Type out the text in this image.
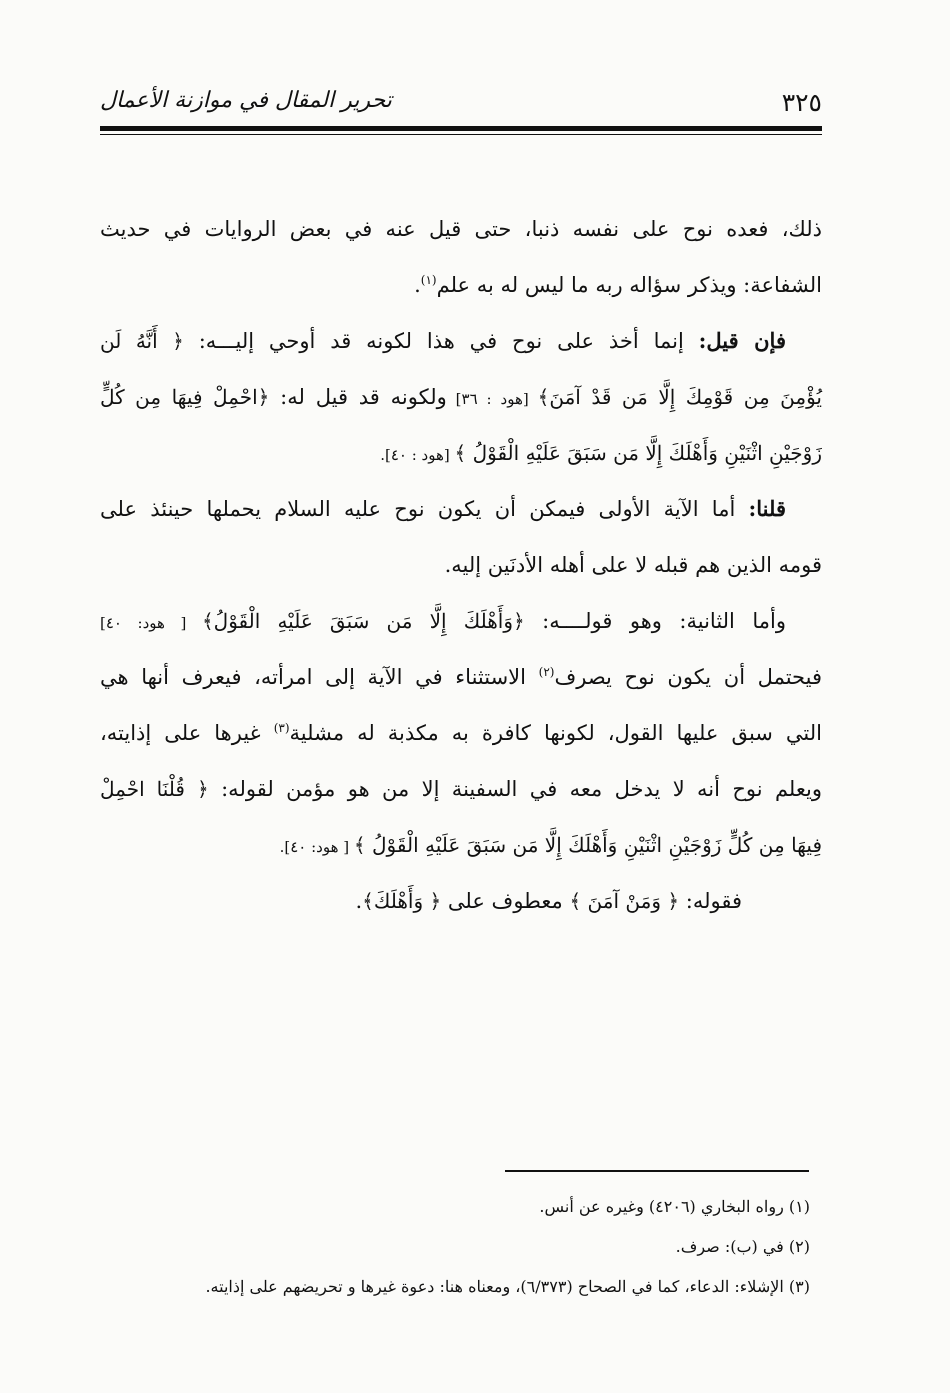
٣٢٥
تحرير المقال في موازنة الأعمال
ذلك، فعده نوح على نفسه ذنبا، حتى قيل عنه في بعض الروايات في حديث
الشفاعة: ويذكر سؤاله ربه ما ليس له به علم$^{(١)}$.
فإن قيل: إنما أخذ على نوح في هذا لكونه قد أوحي إليـــه: ﴿ أَنَّهُ لَن
يُؤْمِنَ مِن قَوْمِكَ إِلَّا مَن قَدْ آمَنَ﴾ [هود : ٣٦] ولكونه قد قيل له: ﴿احْمِلْ فِيهَا مِن كُلٍّ
زَوْجَيْنِ اثْنَيْنِ وَأَهْلَكَ إِلَّا مَن سَبَقَ عَلَيْهِ الْقَوْلُ ﴾ [هود : ٤٠].
قلنا: أما الآية الأولى فيمكن أن يكون نوح عليه السلام يحملها حينئذ على
قومه الذين هم قبله لا على أهله الأدنَين إليه.
وأما الثانية: وهو قولــــه: ﴿وَأَهْلَكَ إِلَّا مَن سَبَقَ عَلَيْهِ الْقَوْلُ﴾ [ هود: ٤٠]
فيحتمل أن يكون نوح يصرف$^{(٢)}$ الاستثناء في الآية إلى امرأته، فيعرف أنها هي
التي سبق عليها القول، لكونها كافرة به مكذبة له مشلية$^{(٣)}$ غيرها على إذايته،
ويعلم نوح أنه لا يدخل معه في السفينة إلا من هو مؤمن لقوله: ﴿ قُلْنَا احْمِلْ
فِيهَا مِن كُلٍّ زَوْجَيْنِ اثْنَيْنِ وَأَهْلَكَ إِلَّا مَن سَبَقَ عَلَيْهِ الْقَوْلُ ﴾ [ هود: ٤٠].
فقوله: ﴿ وَمَنْ آمَنَ ﴾ معطوف على ﴿ وَأَهْلَكَ﴾.
(١) رواه البخاري (٤٢٠٦) وغيره عن أنس.
(٢) في (ب): صرف.
(٣) الإشلاء: الدعاء، كما في الصحاح (٦/٣٧٣)، ومعناه هنا: دعوة غيرها و تحريضهم على إذايته.
